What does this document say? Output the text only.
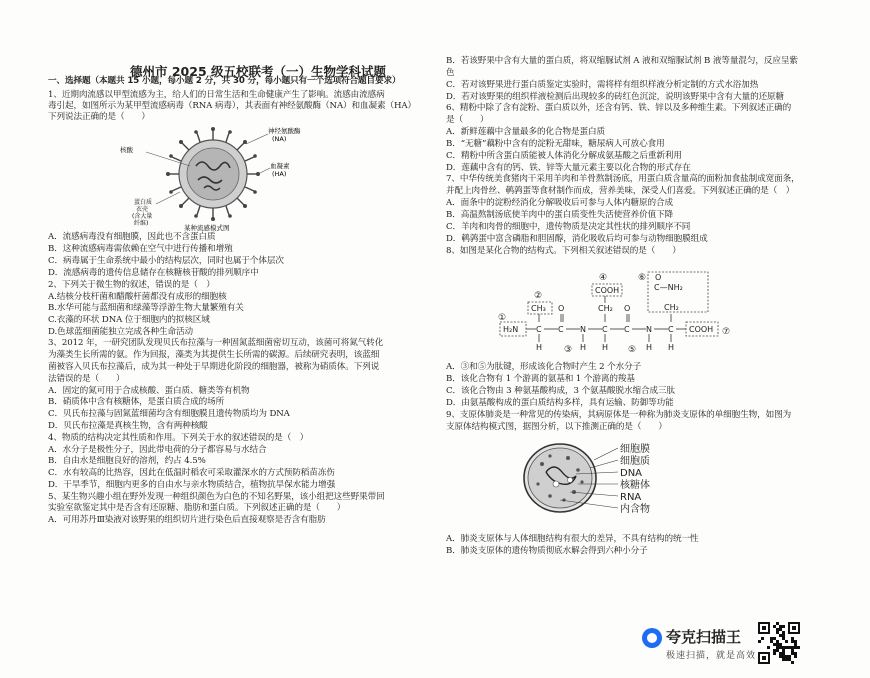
德州市 2025 级五校联考（一）生物学科试题
一、选择题（本题共 15 小题，每小题 2 分，共 30 分，每小题只有一个选项符合题目要求）
1、近期肉流感以甲型流感为主，给人们的日常生活和生命健康产生了影响。流感由流感病
毒引起，如图所示为某甲型流感病毒（RNA 病毒），其表面有神经氨酸酶（NA）和血凝素（HA）
下列说法正确的是（　　）
A．流感病毒没有细胞膜，因此也不含蛋白质
B．这种流感病毒需依赖在空气中进行传播和增殖
C．病毒属于生命系统中最小的结构层次，同时也属于个体层次
D．流感病毒的遗传信息储存在核糖核苷酸的排列顺序中
2、下列关于微生物的叙述，错误的是（　）
A.结核分枝杆菌和醋酸杆菌都没有成形的细胞核
B.水华可能与蓝细菌和绿藻等浮游生物大量繁殖有关
C.衣藻的环状 DNA 位于细胞内的拟核区域
D.色球蓝细菌能独立完成各种生命活动
3、2012 年，一研究团队发现贝氏布拉藻与一种固氮蓝细菌密切互动，该菌可将氮气转化
为藻类生长所需的氨。作为回报，藻类为其提供生长所需的碳源。后续研究表明，该蓝细
菌被容入贝氏布拉藻后，成为其一种处于早期进化阶段的细胞器，被称为硝质体。下列说
法错误的是（　　）
A．固定的氮可用于合成核酸、蛋白质、糖类等有机物
B．硝质体中含有核糖体，是蛋白质合成的场所
C．贝氏布拉藻与固氮蓝细菌均含有细胞膜且遗传物质均为 DNA
D．贝氏布拉藻是真核生物，含有两种核酸
4、物质的结构决定其性质和作用。下列关于水的叙述错误的是（　）
A．水分子是极性分子，因此带电荷的分子都容易与水结合
B．自由水是细胞良好的溶剂，约占 4.5%
C．水有较高的比热容，因此在低温时稻农可采取灌深水的方式预防稻苗冻伤
D．干旱季节，细胞内更多的自由水与亲水物质结合，植物抗旱保水能力增强
5、某生物兴趣小组在野外发现一种组织颜色为白色的不知名野果，该小组把这些野果带回
实验室欲鉴定其中是否含有还原糖、脂肪和蛋白质。下列叙述正确的是（　　）
A．可用苏丹Ⅲ染液对该野果的组织切片进行染色后直接观察是否含有脂肪
B．若该野果中含有大量的蛋白质，将双缩脲试剂 A 液和双缩脲试剂 B 液等量混匀，反应呈紫
色
C．若对该野果进行蛋白质鉴定实验时，需将样有组织样液分析定制的方式水浴加热
D．若对该野果的组织样液检测后出现较多的砖红色沉淀，说明该野果中含有大量的还原糖
6、精粉中除了含有淀粉、蛋白质以外，还含有钙、铁、锌以及多种维生素。下列叙述正确的
是（　　）
A．新鲜莲藕中含量最多的化合物是蛋白质
B．“无糖”藕粉中含有的淀粉无甜味，糖尿病人可放心食用
C．精粉中所含蛋白质能被人体消化分解成氨基酸之后重新利用
D．莲藕中含有的钙、铁、锌等大量元素主要以化合物的形式存在
7、中华传统美食猪肉干采用羊肉和羊骨熬制汤底，用蛋白质含量高的面粉加食盐制成宽面条，
并配上肉骨丝、鹌鹑蛋等食材制作而成，营养美味，深受人们喜爱。下列叙述正确的是（　）
A．面条中的淀粉经消化分解吸收后可参与人体内糖原的合成
B．高温熬制汤底使羊肉中的蛋白质变性失活使营养价值下降
C．羊肉和肉骨的细胞中，遗传物质是决定其性状的排列顺序不同
D．鹌鹑蛋中富含磷脂和胆固醇，消化吸收后均可参与动物细胞膜组成
8、如图是某化合物的结构式。下列相关叙述错误的是（　　）
A．③和⑤为肽键，形成该化合物时产生 2 个水分子
B．该化合物有 1 个游离的氨基和 1 个游离的羧基
C．该化合物由 3 种氨基酸构成，3 个氨基酸脱水缩合成三肽
D．由氨基酸构成的蛋白质结构多样，具有运输、防御等功能
9、支原体肺炎是一种常见的传染病，其病原体是一种称为肺炎支原体的单细胞生物，如图为
支原体结构模式图，据图分析，以下推测正确的是（　　）
A．肺炎支原体与人体细胞结构有很大的差异，不具有结构的统一性
B．肺炎支原体的遗传物质彻底水解会得到六种小分子
神经氨酸酶
(NA)
核酸
血凝素
(HA)
蛋白质
衣壳
(含大量
纤维)
某种流感模式图
H₂N C C N C C N C COOH
CH₃
H
O
H
CH₂
COOH
H
O
H
CH₂
C—NH₂
O
H
①
②
③
④
⑤
⑥
⑦
细胞膜
细胞质
DNA
核糖体
RNA
内含物
夸克扫描王
极速扫描，就是高效
